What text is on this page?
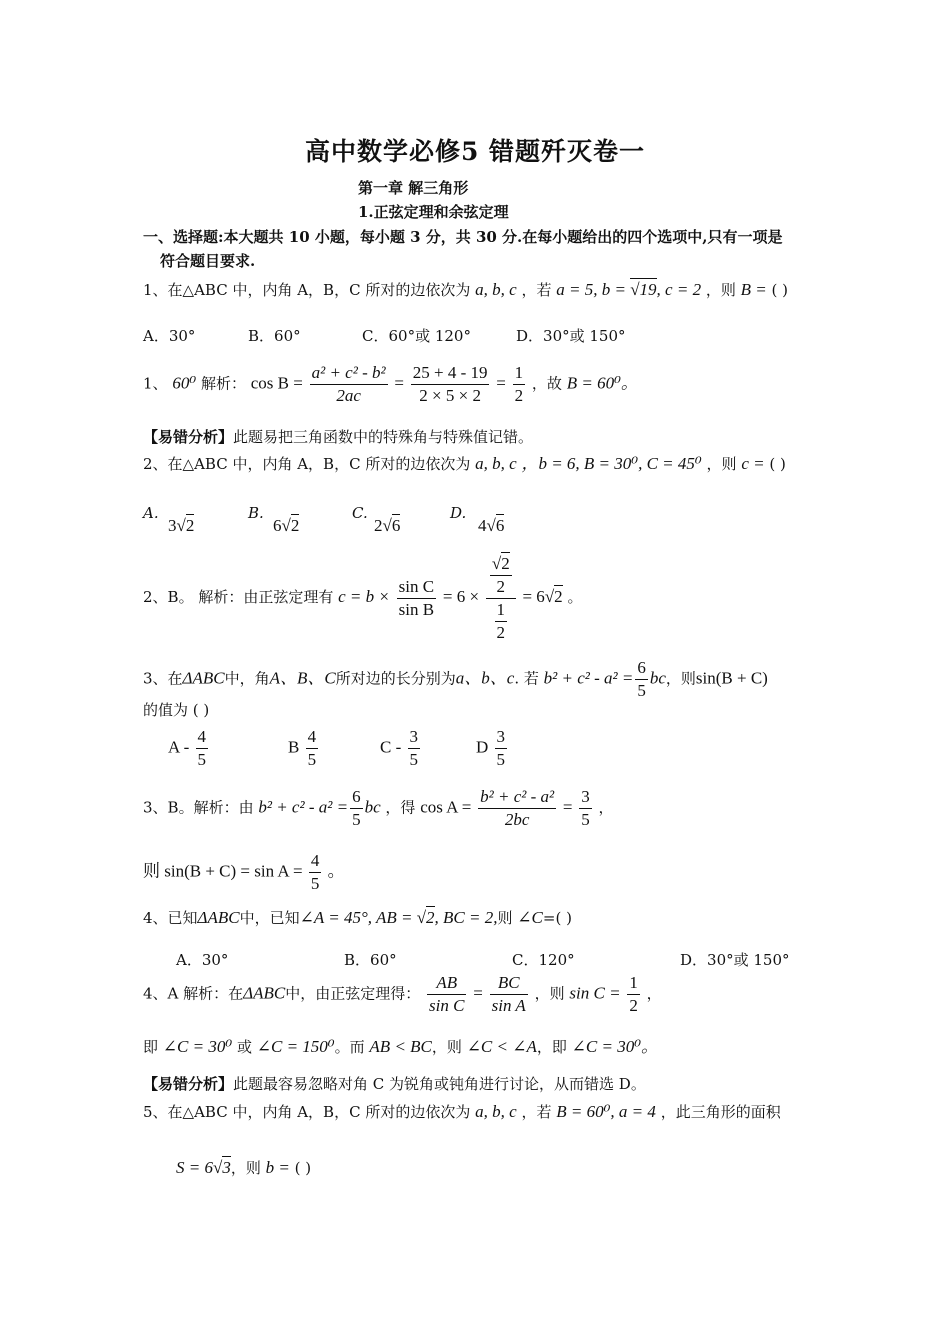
高中数学必修5 错题歼灭卷一
第一章 解三角形
1.正弦定理和余弦定理
一、选择题:本大题共 10 小题，每小题 3 分，共 30 分.在每小题给出的四个选项中,只有一项是
符合题目要求.
1、在△ABC 中，内角 A，B，C 所对的边依次为 a, b, c ，若 a = 5, b = √19, c = 2 ，则 B = ( )
A．30°	B．60°	C．60°或 120°	D．30°或 150°
1、 60⁰ 解析： $\cos B = \frac{\text{a² + c² - b²}}{2ac} = \frac{25 + 4 - 19}{2 \times 5 \times 2} = \frac{1}{2}$ ，故 B = 60⁰。
【易错分析】此题易把三角函数中的特殊角与特殊值记错。
2、在△ABC 中，内角 A，B，C 所对的边依次为 a, b, c ，b = 6, B = 30⁰, C = 45⁰ ，则 c = ( )
A.
3√2
B.
6√2
C.
2√6
D.
4√6
2、B。 解析：由正弦定理有 $c = b \times \frac{\text{sin C}}{\text{sin B}} = 6 \times \frac{\frac{√2}{2}}{\frac{1}{2}} = 6√2$ 。
3、在ΔABC中，角A、B、C所对边的长分别为a、b、c. 若 $b^2 + c^2 - a^2 = \frac{6}{5}$ bc，则sin(B + C)
的值为 ( )
A - $\frac{4}{5}$	B $\frac{4}{5}$	C - $\frac{3}{5}$	D $\frac{3}{5}$
3、B。解析：由 $b^2 + c^2 - a^2 = \frac{6}{5}$ bc ，得 $\cos A = \frac{\text{b² + c² - a²}}{2bc} = \frac{3}{5}$ ，
则 $\sin(B + C) = \sin A = \frac{4}{5}$ 。
4、已知ΔABC中，已知∠A = 45°, AB = √2, BC = 2,则 ∠C=( )
A．30°	B．60°	C．120°	D．30°或 150°
4、A 解析：在ΔABC中，由正弦定理得： $\frac{AB}{\text{sin C}} = \frac{BC}{\text{sin A}}$ ，则 $\sin C = \frac{1}{2}$ ，
即 ∠C = 30⁰ 或 ∠C = 150⁰。而 AB < BC，则 ∠C < ∠A，即 ∠C = 30⁰。
【易错分析】此题最容易忽略对角 C 为锐角或钝角进行讨论，从而错选 D。
5、在△ABC 中，内角 A，B，C 所对的边依次为 a, b, c ，若 B = 60⁰, a = 4 ，此三角形的面积
S = 6√3，则 b = ( )
